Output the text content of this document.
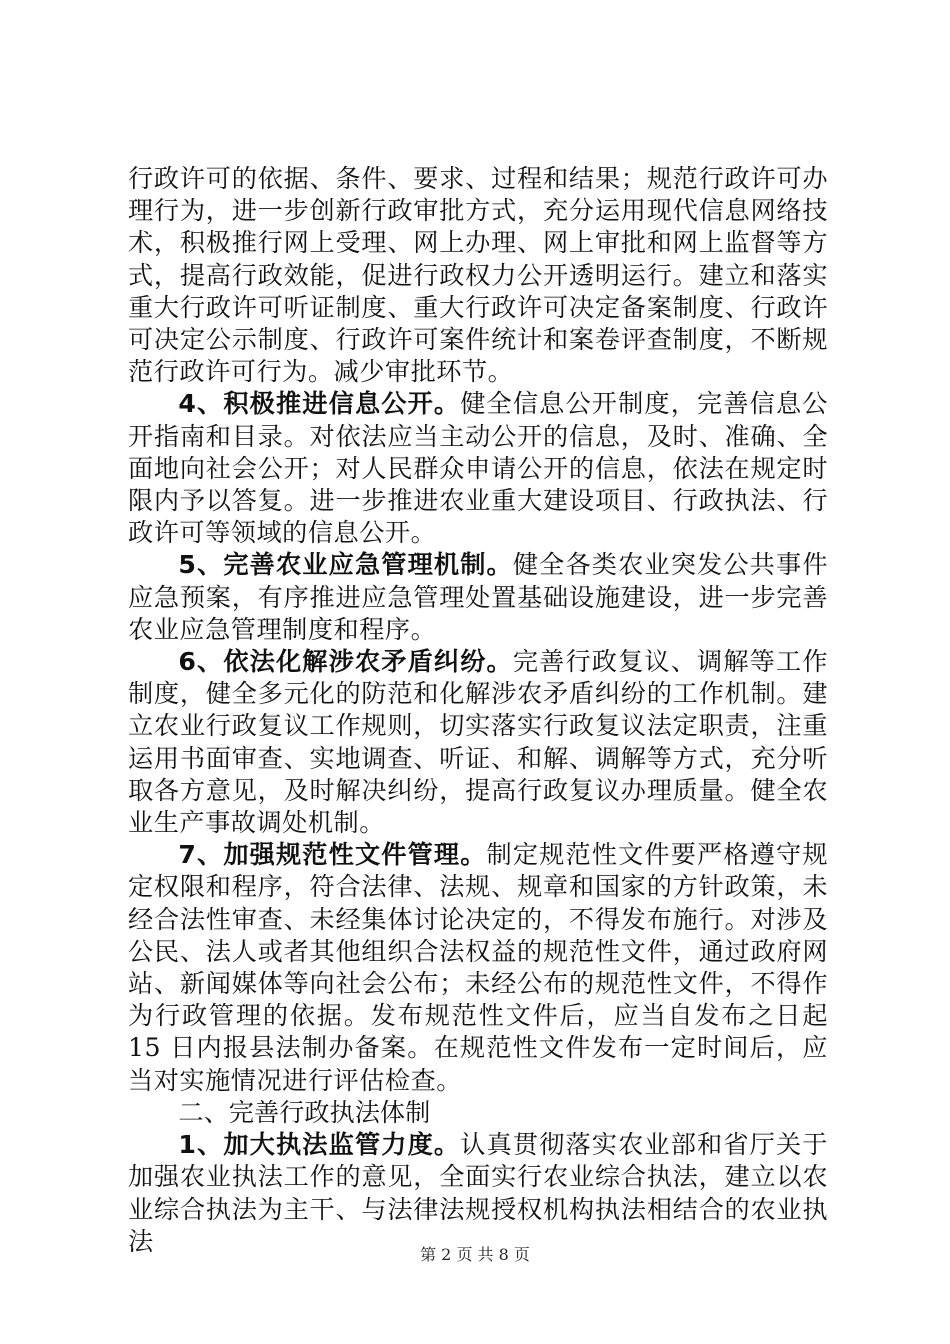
行政许可的依据、条件、要求、过程和结果；规范行政许可办理行为，进一步创新行政审批方式，充分运用现代信息网络技术，积极推行网上受理、网上办理、网上审批和网上监督等方式，提高行政效能，促进行政权力公开透明运行。建立和落实重大行政许可听证制度、重大行政许可决定备案制度、行政许可决定公示制度、行政许可案件统计和案卷评查制度，不断规范行政许可行为。减少审批环节。

4、积极推进信息公开。健全信息公开制度，完善信息公开指南和目录。对依法应当主动公开的信息，及时、准确、全面地向社会公开；对人民群众申请公开的信息，依法在规定时限内予以答复。进一步推进农业重大建设项目、行政执法、行政许可等领域的信息公开。

5、完善农业应急管理机制。健全各类农业突发公共事件应急预案，有序推进应急管理处置基础设施建设，进一步完善农业应急管理制度和程序。

6、依法化解涉农矛盾纠纷。完善行政复议、调解等工作制度，健全多元化的防范和化解涉农矛盾纠纷的工作机制。建立农业行政复议工作规则，切实落实行政复议法定职责，注重运用书面审查、实地调查、听证、和解、调解等方式，充分听取各方意见，及时解决纠纷，提高行政复议办理质量。健全农业生产事故调处机制。

7、加强规范性文件管理。制定规范性文件要严格遵守规定权限和程序，符合法律、法规、规章和国家的方针政策，未经合法性审查、未经集体讨论决定的，不得发布施行。对涉及公民、法人或者其他组织合法权益的规范性文件，通过政府网站、新闻媒体等向社会公布；未经公布的规范性文件，不得作为行政管理的依据。发布规范性文件后，应当自发布之日起 15 日内报县法制办备案。在规范性文件发布一定时间后，应当对实施情况进行评估检查。

二、完善行政执法体制

1、加大执法监管力度。认真贯彻落实农业部和省厅关于加强农业执法工作的意见，全面实行农业综合执法，建立以农业综合执法为主干、与法律法规授权机构执法相结合的农业执法	第 2 页 共 8 页
